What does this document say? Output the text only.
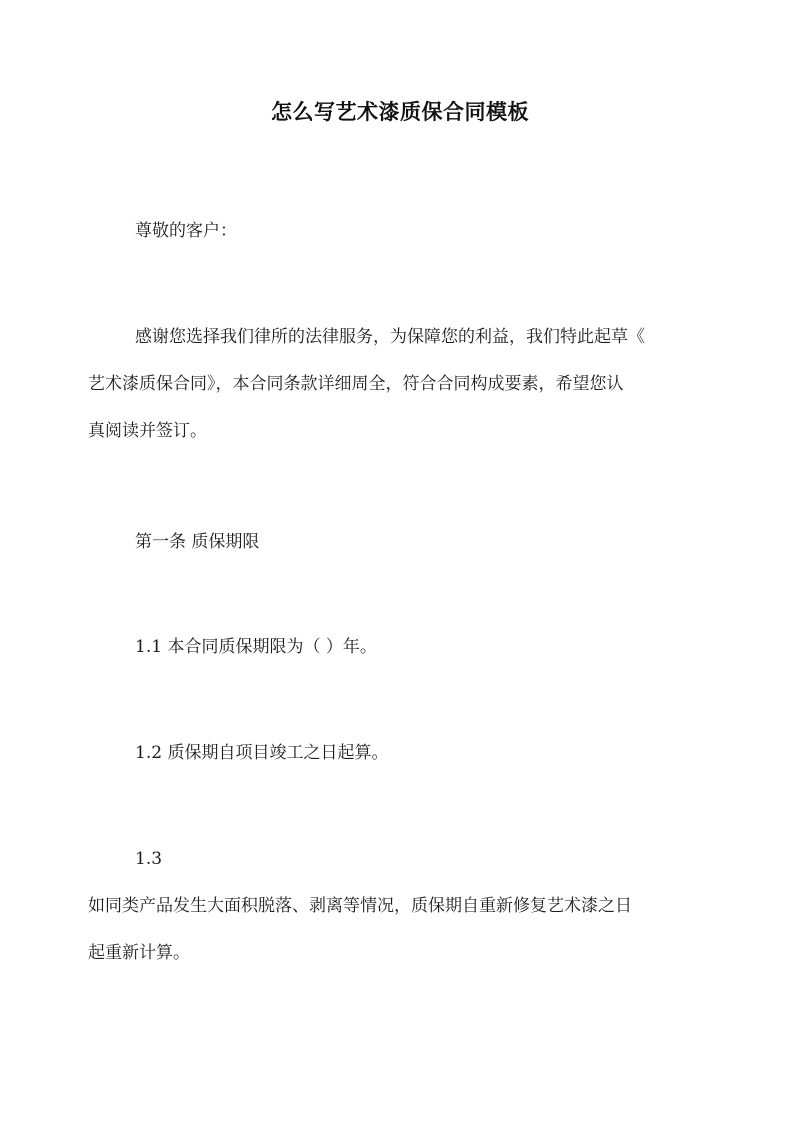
怎么写艺术漆质保合同模板
尊敬的客户：
感谢您选择我们律所的法律服务，为保障您的利益，我们特此起草《
艺术漆质保合同》，本合同条款详细周全，符合合同构成要素，希望您认
真阅读并签订。
第一条 质保期限
1.1 本合同质保期限为（ ）年。
1.2 质保期自项目竣工之日起算。
1.3
如同类产品发生大面积脱落、剥离等情况，质保期自重新修复艺术漆之日
起重新计算。
